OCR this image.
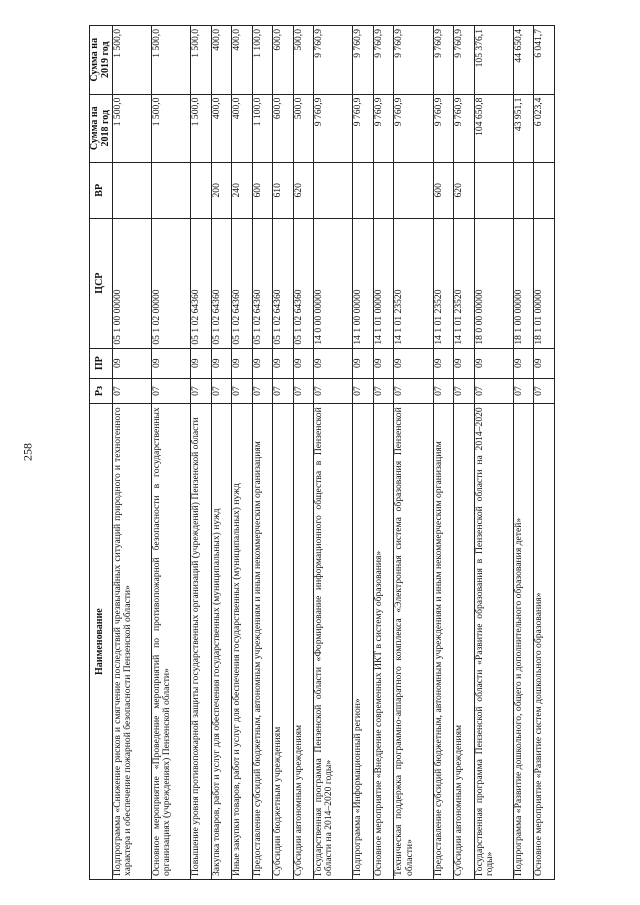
258
Наименование	Рз	ПР	ЦСР	ВР	Сумма на 2018 год	Сумма на 2019 год
Подпрограмма «Снижение рисков и смягчение последствий чрезвычайных ситуаций природного и техногенного характера и обеспечение пожарной безопасности Пензенской области»	07	09	05 1 00 00000		1 500,0	1 500,0
Основное мероприятие «Проведение мероприятий по противопожарной безопасности в государственных организациях (учреждениях) Пензенской области»	07	09	05 1 02 00000		1 500,0	1 500,0
Повышение уровня противопожарной защиты государственных организаций (учреждений) Пензенской области	07	09	05 1 02 64360		1 500,0	1 500,0
Закупка товаров, работ и услуг для обеспечения государственных (муниципальных) нужд	07	09	05 1 02 64360	200	400,0	400,0
Иные закупки товаров, работ и услуг для обеспечения государственных (муниципальных) нужд	07	09	05 1 02 64360	240	400,0	400,0
Предоставление субсидий бюджетным, автономным учреждениям и иным некоммерческим организациям	07	09	05 1 02 64360	600	1 100,0	1 100,0
Субсидии бюджетным учреждениям	07	09	05 1 02 64360	610	600,0	600,0
Субсидии автономным учреждениям	07	09	05 1 02 64360	620	500,0	500,0
Государственная программа Пензенской области «Формирование информационного общества в Пензенской области на 2014–2020 годы»	07	09	14 0 00 00000		9 760,9	9 760,9
Подпрограмма «Информационный регион»	07	09	14 1 00 00000		9 760,9	9 760,9
Основное мероприятие «Внедрение современных ИКТ в систему образования»	07	09	14 1 01 00000		9 760,9	9 760,9
Техническая поддержка программно-аппаратного комплекса «Электронная система образования Пензенской области»	07	09	14 1 01 23520		9 760,9	9 760,9
Предоставление субсидий бюджетным, автономным учреждениям и иным некоммерческим организациям	07	09	14 1 01 23520	600	9 760,9	9 760,9
Субсидии автономным учреждениям	07	09	14 1 01 23520	620	9 760,9	9 760,9
Государственная программа Пензенской области «Развитие образования в Пензенской области на 2014–2020 годы»	07	09	18 0 00 00000		104 650,8	105 376,1
Подпрограмма «Развитие дошкольного, общего и дополнительного образования детей»	07	09	18 1 00 00000		43 951,1	44 650,4
Основное мероприятие «Развитие систем дошкольного образования»	07	09	18 1 01 00000		6 023,4	6 041,7
